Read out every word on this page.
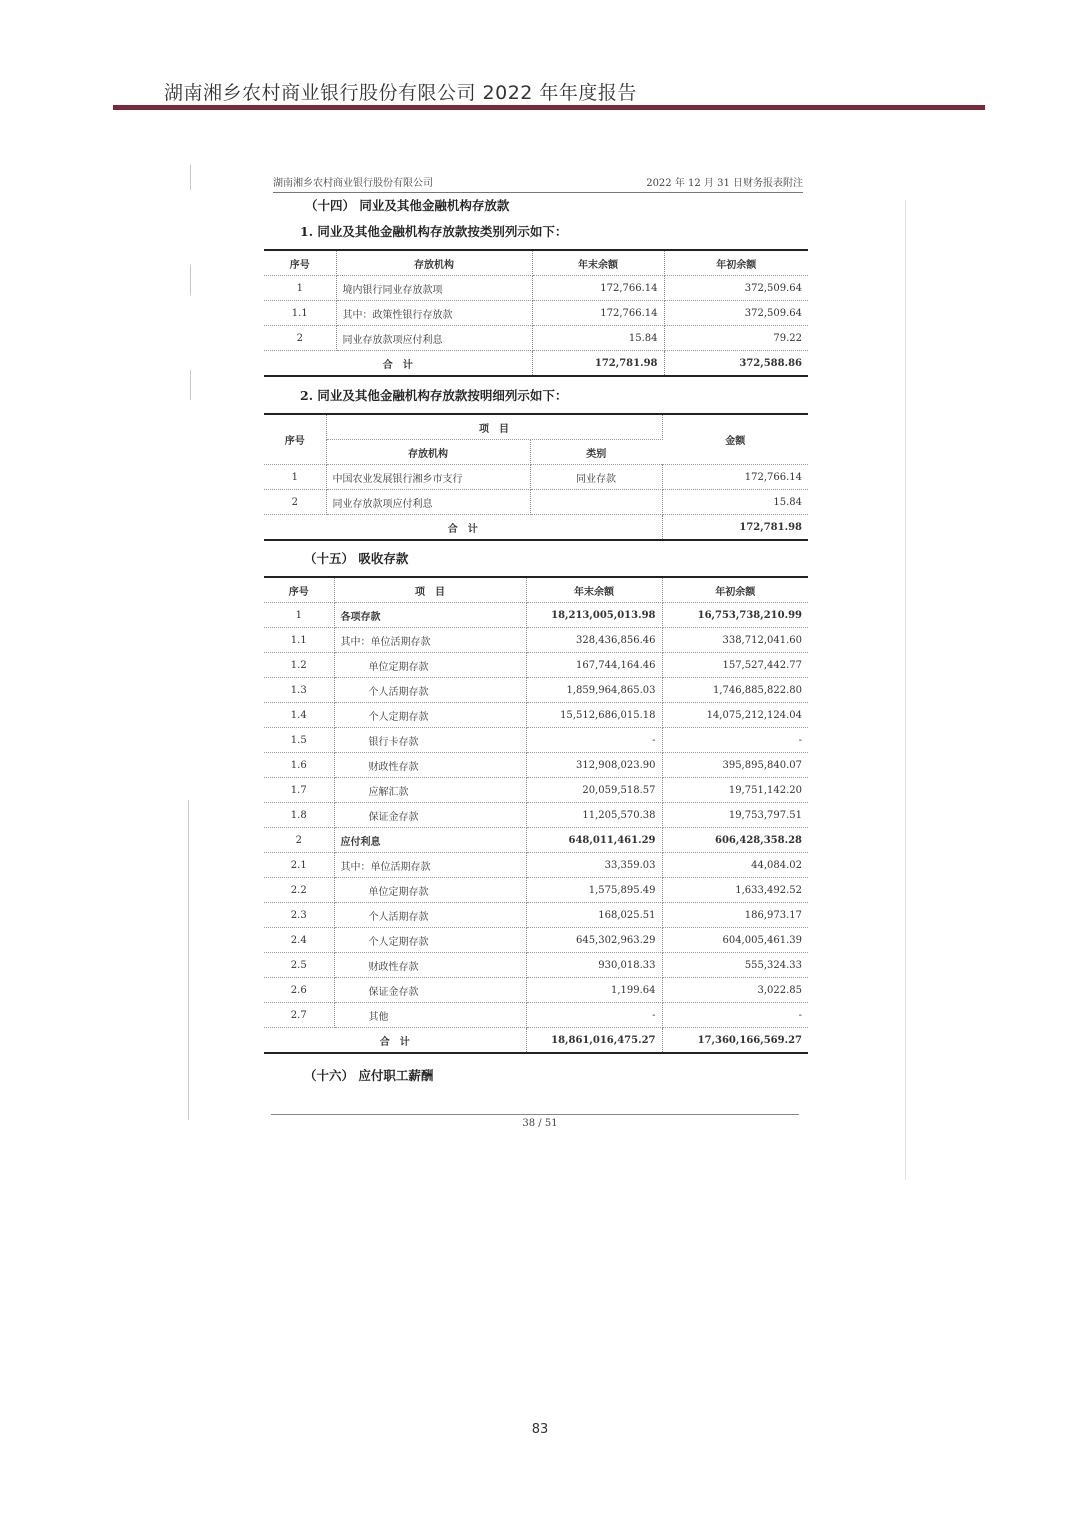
湖南湘乡农村商业银行股份有限公司 2022 年年度报告
湖南湘乡农村商业银行股份有限公司	2022 年 12 月 31 日财务报表附注
（十四） 同业及其他金融机构存放款
1. 同业及其他金融机构存放款按类别列示如下：
序号	存放机构	年末余额	年初余额
1	境内银行同业存放款项	172,766.14	372,509.64
1.1	其中：政策性银行存放款	172,766.14	372,509.64
2	同业存放款项应付利息	15.84	79.22
合　计		172,781.98	372,588.86
2. 同业及其他金融机构存放款按明细列示如下：
序号	项　目		金额
	存放机构	类别	
1	中国农业发展银行湘乡市支行	同业存款	172,766.14
2	同业存放款项应付利息		15.84
合　计			172,781.98
（十五） 吸收存款
序号	项　目	年末余额	年初余额
1	各项存款	18,213,005,013.98	16,753,738,210.99
1.1	其中：单位活期存款	328,436,856.46	338,712,041.60
1.2	单位定期存款	167,744,164.46	157,527,442.77
1.3	个人活期存款	1,859,964,865.03	1,746,885,822.80
1.4	个人定期存款	15,512,686,015.18	14,075,212,124.04
1.5	银行卡存款	-	-
1.6	财政性存款	312,908,023.90	395,895,840.07
1.7	应解汇款	20,059,518.57	19,751,142.20
1.8	保证金存款	11,205,570.38	19,753,797.51
2	应付利息	648,011,461.29	606,428,358.28
2.1	其中：单位活期存款	33,359.03	44,084.02
2.2	单位定期存款	1,575,895.49	1,633,492.52
2.3	个人活期存款	168,025.51	186,973.17
2.4	个人定期存款	645,302,963.29	604,005,461.39
2.5	财政性存款	930,018.33	555,324.33
2.6	保证金存款	1,199.64	3,022.85
2.7	其他	-	-
合　计		18,861,016,475.27	17,360,166,569.27
（十六） 应付职工薪酬
38 / 51
83
